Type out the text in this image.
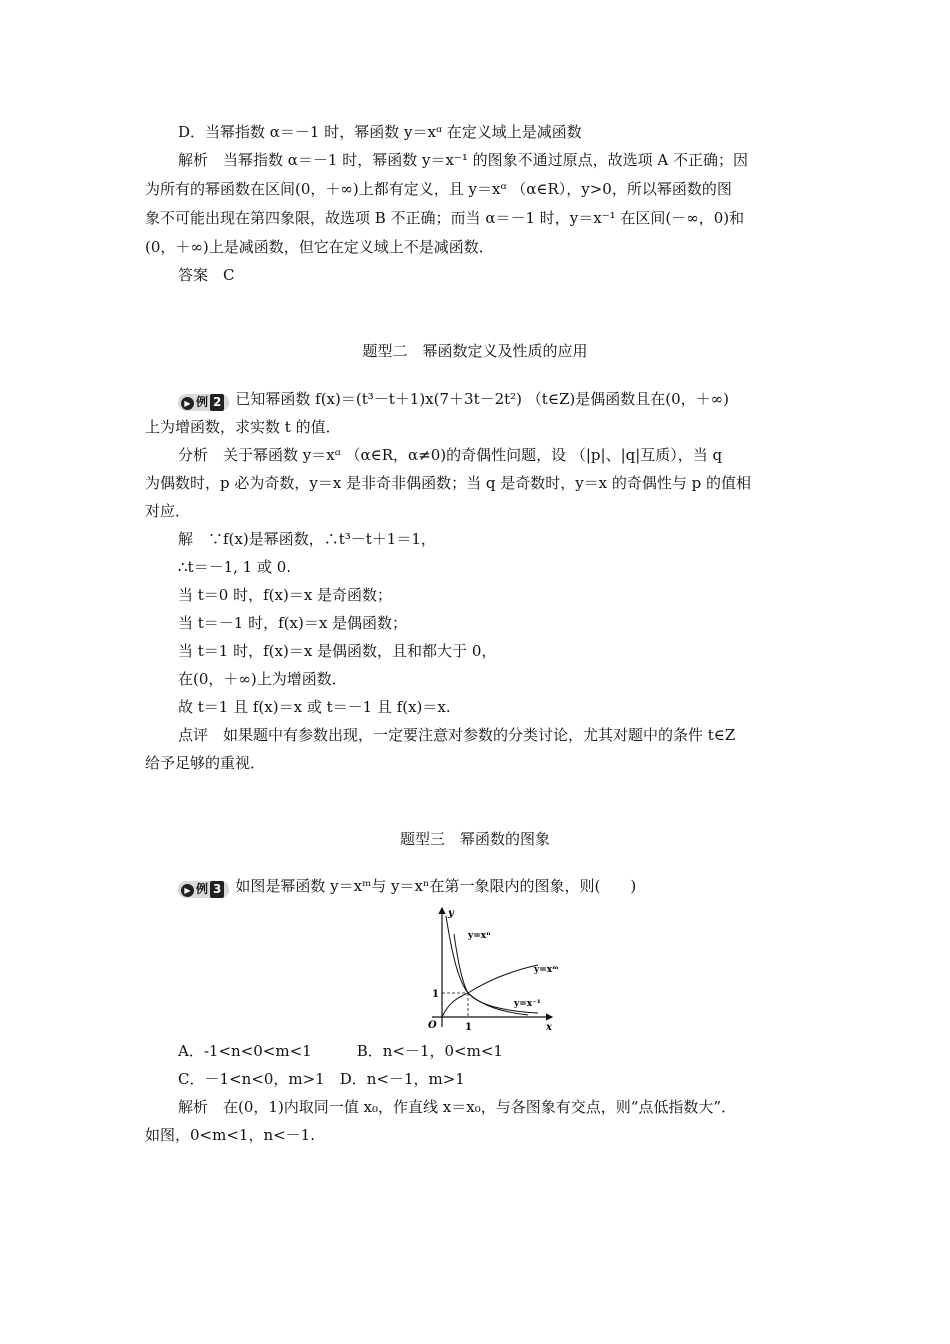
D．当幂指数 α＝－1 时，幂函数 y＝xᵅ 在定义域上是减函数
解析　当幂指数 α＝－1 时，幂函数 y＝x⁻¹ 的图象不通过原点，故选项 A 不正确；因
为所有的幂函数在区间(0，＋∞)上都有定义，且 y＝xᵅ （α∈R），y>0，所以幂函数的图
象不可能出现在第四象限，故选项 B 不正确；而当 α＝－1 时，y＝x⁻¹ 在区间(－∞，0)和
(0，＋∞)上是减函数，但它在定义域上不是减函数．
答案　C
题型二　幂函数定义及性质的应用
▶ 例 2 已知幂函数 f(x)＝(t³－t＋1)x(7＋3t－2t²) （t∈Z)是偶函数且在(0，＋∞)
上为增函数，求实数 t 的值．
分析　关于幂函数 y＝xᵅ （α∈R，α≠0)的奇偶性问题，设 （|p|、|q|互质），当 q
为偶数时，p 必为奇数，y＝x 是非奇非偶函数；当 q 是奇数时，y＝x 的奇偶性与 p 的值相
对应．
解　∵f(x)是幂函数，∴t³－t＋1＝1，
∴t＝－1, 1 或 0.
当 t＝0 时，f(x)＝x 是奇函数；
当 t＝－1 时，f(x)＝x 是偶函数；
当 t＝1 时，f(x)＝x 是偶函数，且和都大于 0，
在(0，＋∞)上为增函数．
故 t＝1 且 f(x)＝x 或 t＝－1 且 f(x)＝x.
点评　如果题中有参数出现，一定要注意对参数的分类讨论，尤其对题中的条件 t∈Z
给予足够的重视．
题型三　幂函数的图象
▶ 例 3 如图是幂函数 y＝xᵐ与 y＝xⁿ在第一象限内的图象，则(　　)
y
x
O	1
1
y=xⁿ
y=xᵐ
y=x⁻¹
A．-1<n<0<m<1　　　B．n<－1，0<m<1
C．－1<n<0，m>1　D．n<－1，m>1
解析　在(0，1)内取同一值 x₀，作直线 x＝x₀，与各图象有交点，则“点低指数大”．
如图，0<m<1，n<－1.
